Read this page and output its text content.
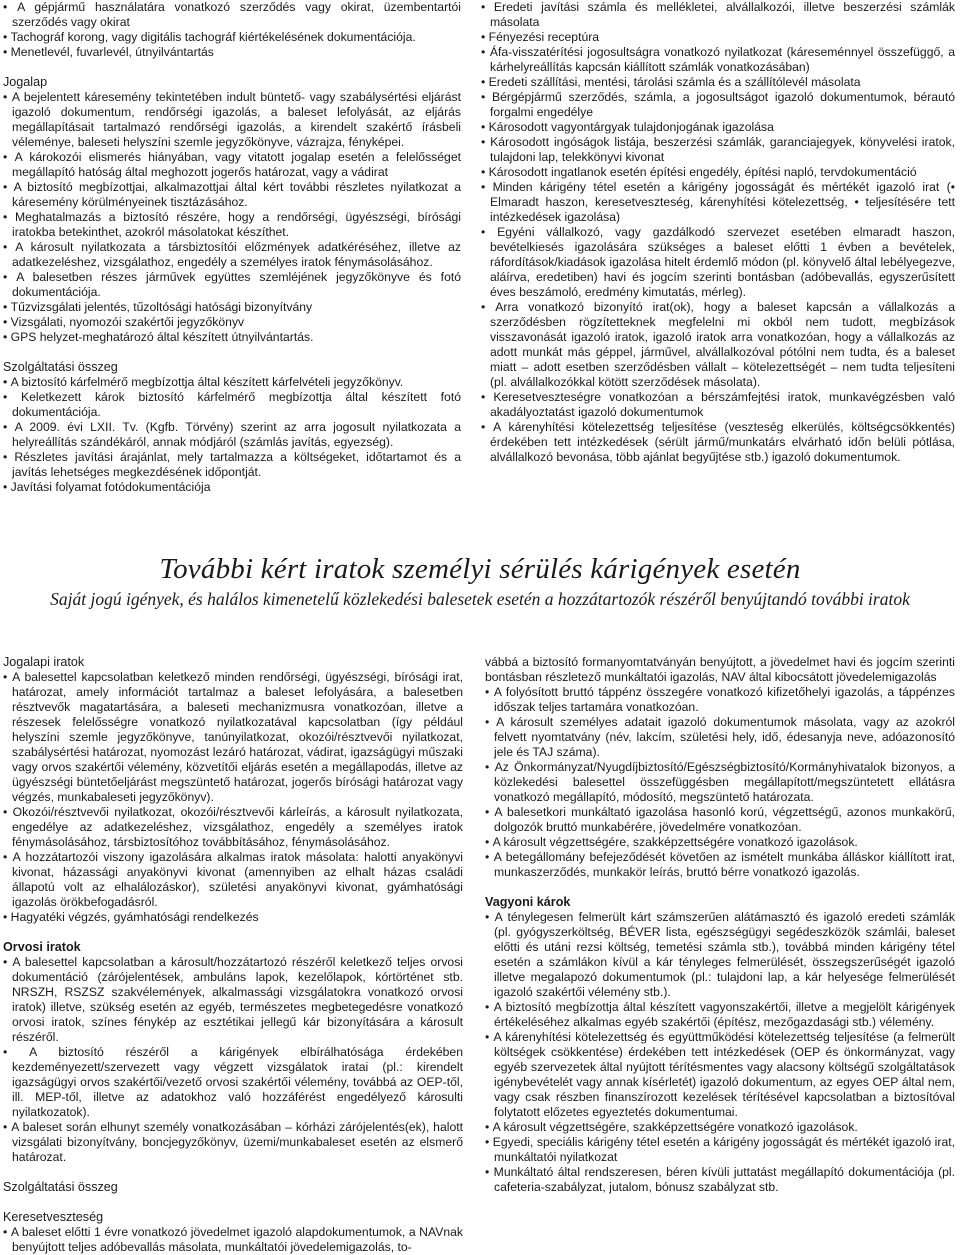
• A gépjármű használatára vonatkozó szerződés vagy okirat, üzembentartói szerződés vagy okirat

• Tachográf korong, vagy digitális tachográf kiértékelésének dokumentációja.

• Menetlevél, fuvarlevél, útnyilvántartás

Jogalap

• A bejelentett káresemény tekintetében indult büntető- vagy szabálysértési eljárást igazoló dokumentum, rendőrségi igazolás, a baleset lefolyását, az eljárás megállapításait tartalmazó rendőrségi igazolás, a kirendelt szakértő írásbeli véleménye, baleseti helyszíni szemle jegyzőkönyve, vázrajza, fényképei.

• A károkozói elismerés hiányában, vagy vitatott jogalap esetén a felelősséget megállapító hatóság által meghozott jogerős határozat, vagy a vádirat

• A biztosító megbízottjai, alkalmazottjai által kért további részletes nyilatkozat a káresemény körülményeinek tisztázásához.

• Meghatalmazás a biztosító részére, hogy a rendőrségi, ügyészségi, bírósági iratokba betekinthet, azokról másolatokat készíthet.

• A károsult nyilatkozata a társbiztosítói előzmények adatkéréséhez, illetve az adatkezeléshez, vizsgálathoz, engedély a személyes iratok fénymásolásához.

• A balesetben részes járművek együttes szemléjének jegyzőkönyve és fotó dokumentációja.

• Tűzvizsgálati jelentés, tűzoltósági hatósági bizonyítvány

• Vizsgálati, nyomozói szakértői jegyzőkönyv

• GPS helyzet-meghatározó által készített útnyilvántartás.

Szolgáltatási összeg

• A biztosító kárfelmérő megbízottja által készített kárfelvételi jegyzőkönyv.

• Keletkezett károk biztosító kárfelmérő megbízottja által készített fotó dokumentációja.

• A 2009. évi LXII. Tv. (Kgfb. Törvény) szerint az arra jogosult nyilatkozata a helyreállítás szándékáról, annak módjáról (számlás javítás, egyezség).

• Részletes javítási árajánlat, mely tartalmazza a költségeket, időtartamot és a javítás lehetséges megkezdésének időpontját.

• Javítási folyamat fotódokumentációja

• Eredeti javítási számla és mellékletei, alvállalkozói, illetve beszerzési számlák másolata

• Fényezési receptúra

• Áfa-visszatérítési jogosultságra vonatkozó nyilatkozat (káreseménnyel összefüggő, a kárhelyreállítás kapcsán kiállított számlák vonatkozásában)

• Eredeti szállítási, mentési, tárolási számla és a szállítólevél másolata

• Bérgépjármű szerződés, számla, a jogosultságot igazoló dokumentumok, bérautó forgalmi engedélye

• Károsodott vagyontárgyak tulajdonjogának igazolása

• Károsodott ingóságok listája, beszerzési számlák, garanciajegyek, könyvelési iratok, tulajdoni lap, telekkönyvi kivonat

• Károsodott ingatlanok esetén építési engedély, építési napló, tervdokumentáció

• Minden kárigény tétel esetén a kárigény jogosságát és mértékét igazoló irat (• Elmaradt haszon, keresetveszteség, kárenyhítési kötelezettség, • teljesítésére tett intézkedések igazolása)

• Egyéni vállalkozó, vagy gazdálkodó szervezet esetében elmaradt haszon, bevételkiesés igazolására szükséges a baleset előtti 1 évben a bevételek, ráfordítások/kiadások igazolása hitelt érdemlő módon (pl. könyvelő által lebélyegezve, aláírva, eredetiben) havi és jogcím szerinti bontásban (adóbevallás, egyszerűsített éves beszámoló, eredmény kimutatás, mérleg).

• Arra vonatkozó bizonyító irat(ok), hogy a baleset kapcsán a vállalkozás a szerződésben rögzítetteknek megfelelni mi okból nem tudott, megbízások visszavonását igazoló iratok, igazoló iratok arra vonatkozóan, hogy a vállalkozás az adott munkát más géppel, járművel, alvállalkozóval pótólni nem tudta, és a baleset miatt – adott esetben szerződésben vállalt – kötelezettségét – nem tudta teljesíteni (pl. alvállalkozókkal kötött szerződések másolata).

• Keresetveszteségre vonatkozóan a bérszámfejtési iratok, munkavégzésben való akadályoztatást igazoló dokumentumok

• A kárenyhítési kötelezettség teljesítése (veszteség elkerülés, költségcsökkentés) érdekében tett intézkedések (sérült jármű/munkatárs elvárható időn belüli pótlása, alvállalkozó bevonása, több ajánlat begyűjtése stb.) igazoló dokumentumok.

További kért iratok személyi sérülés kárigények esetén
Saját jogú igények, és halálos kimenetelű közlekedési balesetek esetén a hozzátartozók részéről benyújtandó további iratok

Jogalapi iratok

• A balesettel kapcsolatban keletkező minden rendőrségi, ügyészségi, bírósági irat, határozat, amely információt tartalmaz a baleset lefolyására, a balesetben résztvevők magatartására, a baleseti mechanizmusra vonatkozóan, illetve a részesek felelősségre vonatkozó nyilatkozatával kapcsolatban (így például helyszíni szemle jegyzőkönyve, tanúnyilatkozat, okozói/résztvevői nyilatkozat, szabálysértési határozat, nyomozást lezáró határozat, vádirat, igazságügyi műszaki vagy orvos szakértői vélemény, közvetítői eljárás esetén a megállapodás, illetve az ügyészségi büntetőeljárást megszüntető határozat, jogerős bírósági határozat vagy végzés, munkabaleseti jegyzőkönyv).

• Okozói/résztvevői nyilatkozat, okozói/résztvevői kárleírás, a károsult nyilatkozata, engedélye az adatkezeléshez, vizsgálathoz, engedély a személyes iratok fénymásolásához, társbiztosítóhoz továbbításához, fénymásolásához.

• A hozzátartozói viszony igazolására alkalmas iratok másolata: halotti anyakönyvi kivonat, házassági anyakönyvi kivonat (amennyiben az elhalt házas családi állapotú volt az elhalálozáskor), születési anyakönyvi kivonat, gyámhatósági igazolás örökbefogadásról.

• Hagyatéki végzés, gyámhatósági rendelkezés

Orvosi iratok

• A balesettel kapcsolatban a károsult/hozzátartozó részéről keletkező teljes orvosi dokumentáció (zárójelentések, ambuláns lapok, kezelőlapok, kórtörténet stb. NRSZH, RSZSZ szakvélemények, alkalmassági vizsgálatokra vonatkozó orvosi iratok) illetve, szükség esetén az egyéb, természetes megbetegedésre vonatkozó orvosi iratok, színes fénykép az esztétikai jellegű kár bizonyítására a károsult részéről.

• A biztosító részéről a kárigények elbírálhatósága érdekében kezdeményezett/szervezett vagy végzett vizsgálatok iratai (pl.: kirendelt igazságügyi orvos szakértői/vezető orvosi szakértői vélemény, továbbá az OEP-től, ill. MEP-től, illetve az adatokhoz való hozzáférést engedélyező károsulti nyilatkozatok).

• A baleset során elhunyt személy vonatkozásában – kórházi zárójelentés(ek), halott vizsgálati bizonyítvány, boncjegyzőkönyv, üzemi/munkabaleset esetén az elsmerő határozat.

Szolgáltatási összeg

Keresetveszteség

• A baleset előtti 1 évre vonatkozó jövedelmet igazoló alapdokumentumok, a NAVnak benyújtott teljes adóbevallás másolata, munkáltatói jövedelemigazolás, to-

vábbá a biztosító formanyomtatványán benyújtott, a jövedelmet havi és jogcím szerinti bontásban részletező munkáltatói igazolás, NAV által kibocsátott jövedelemigazolás

• A folyósított bruttó táppénz összegére vonatkozó kifizetőhelyi igazolás, a táppénzes időszak teljes tartamára vonatkozóan.

• A károsult személyes adatait igazoló dokumentumok másolata, vagy az azokról felvett nyomtatvány (név, lakcím, születési hely, idő, édesanyja neve, adóazonosító jele és TAJ száma).

• Az Önkormányzat/Nyugdíjbiztosító/Egészségbiztosító/Kormányhivatalok bizonyos, a közlekedési balesettel összefüggésben megállapított/megszüntetett ellátásra vonatkozó megállapító, módosító, megszüntető határozata.

• A balesetkori munkáltató igazolása hasonló korú, végzettségű, azonos munkakörű, dolgozók bruttó munkabérére, jövedelmére vonatkozóan.

• A károsult végzettségére, szakképzettségére vonatkozó igazolások.

• A betegállomány befejeződését követően az ismételt munkába álláskor kiállított irat, munkaszerződés, munkakör leírás, bruttó bérre vonatkozó igazolás.

Vagyoni károk

• A ténylegesen felmerült kárt számszerűen alátámasztó és igazoló eredeti számlák (pl. gyógyszerköltség, BÉVER lista, egészségügyi segédeszközök számlái, baleset előtti és utáni rezsi költség, temetési számla stb.), továbbá minden kárigény tétel esetén a számlákon kívül a kár tényleges felmerülését, összegszerűségét igazoló illetve megalapozó dokumentumok (pl.: tulajdoni lap, a kár helyesége felmerülését igazoló szakértői vélemény stb.).

• A biztosító megbízottja által készített vagyonszakértői, illetve a megjelölt kárigények értékeléséhez alkalmas egyéb szakértői (építész, mezőgazdasági stb.) vélemény.

• A kárenyhítési kötelezettség és együttműködési kötelezettség teljesítése (a felmerült költségek csökkentése) érdekében tett intézkedések (OEP és önkormányzat, vagy egyéb szervezetek által nyújtott térítésmentes vagy alacsony költségű szolgáltatások igénybevételét vagy annak kísérletét) igazoló dokumentum, az egyes OEP által nem, vagy csak részben finanszírozott kezelések térítésével kapcsolatban a biztosítóval folytatott előzetes egyeztetés dokumentumai.

• A károsult végzettségére, szakképzettségére vonatkozó igazolások.

• Egyedi, speciális kárigény tétel esetén a kárigény jogosságát és mértékét igazoló irat, munkáltatói nyilatkozat

• Munkáltató által rendszeresen, béren kívüli juttatást megállapító dokumentációja (pl. cafeteria-szabályzat, jutalom, bónusz szabályzat stb.
